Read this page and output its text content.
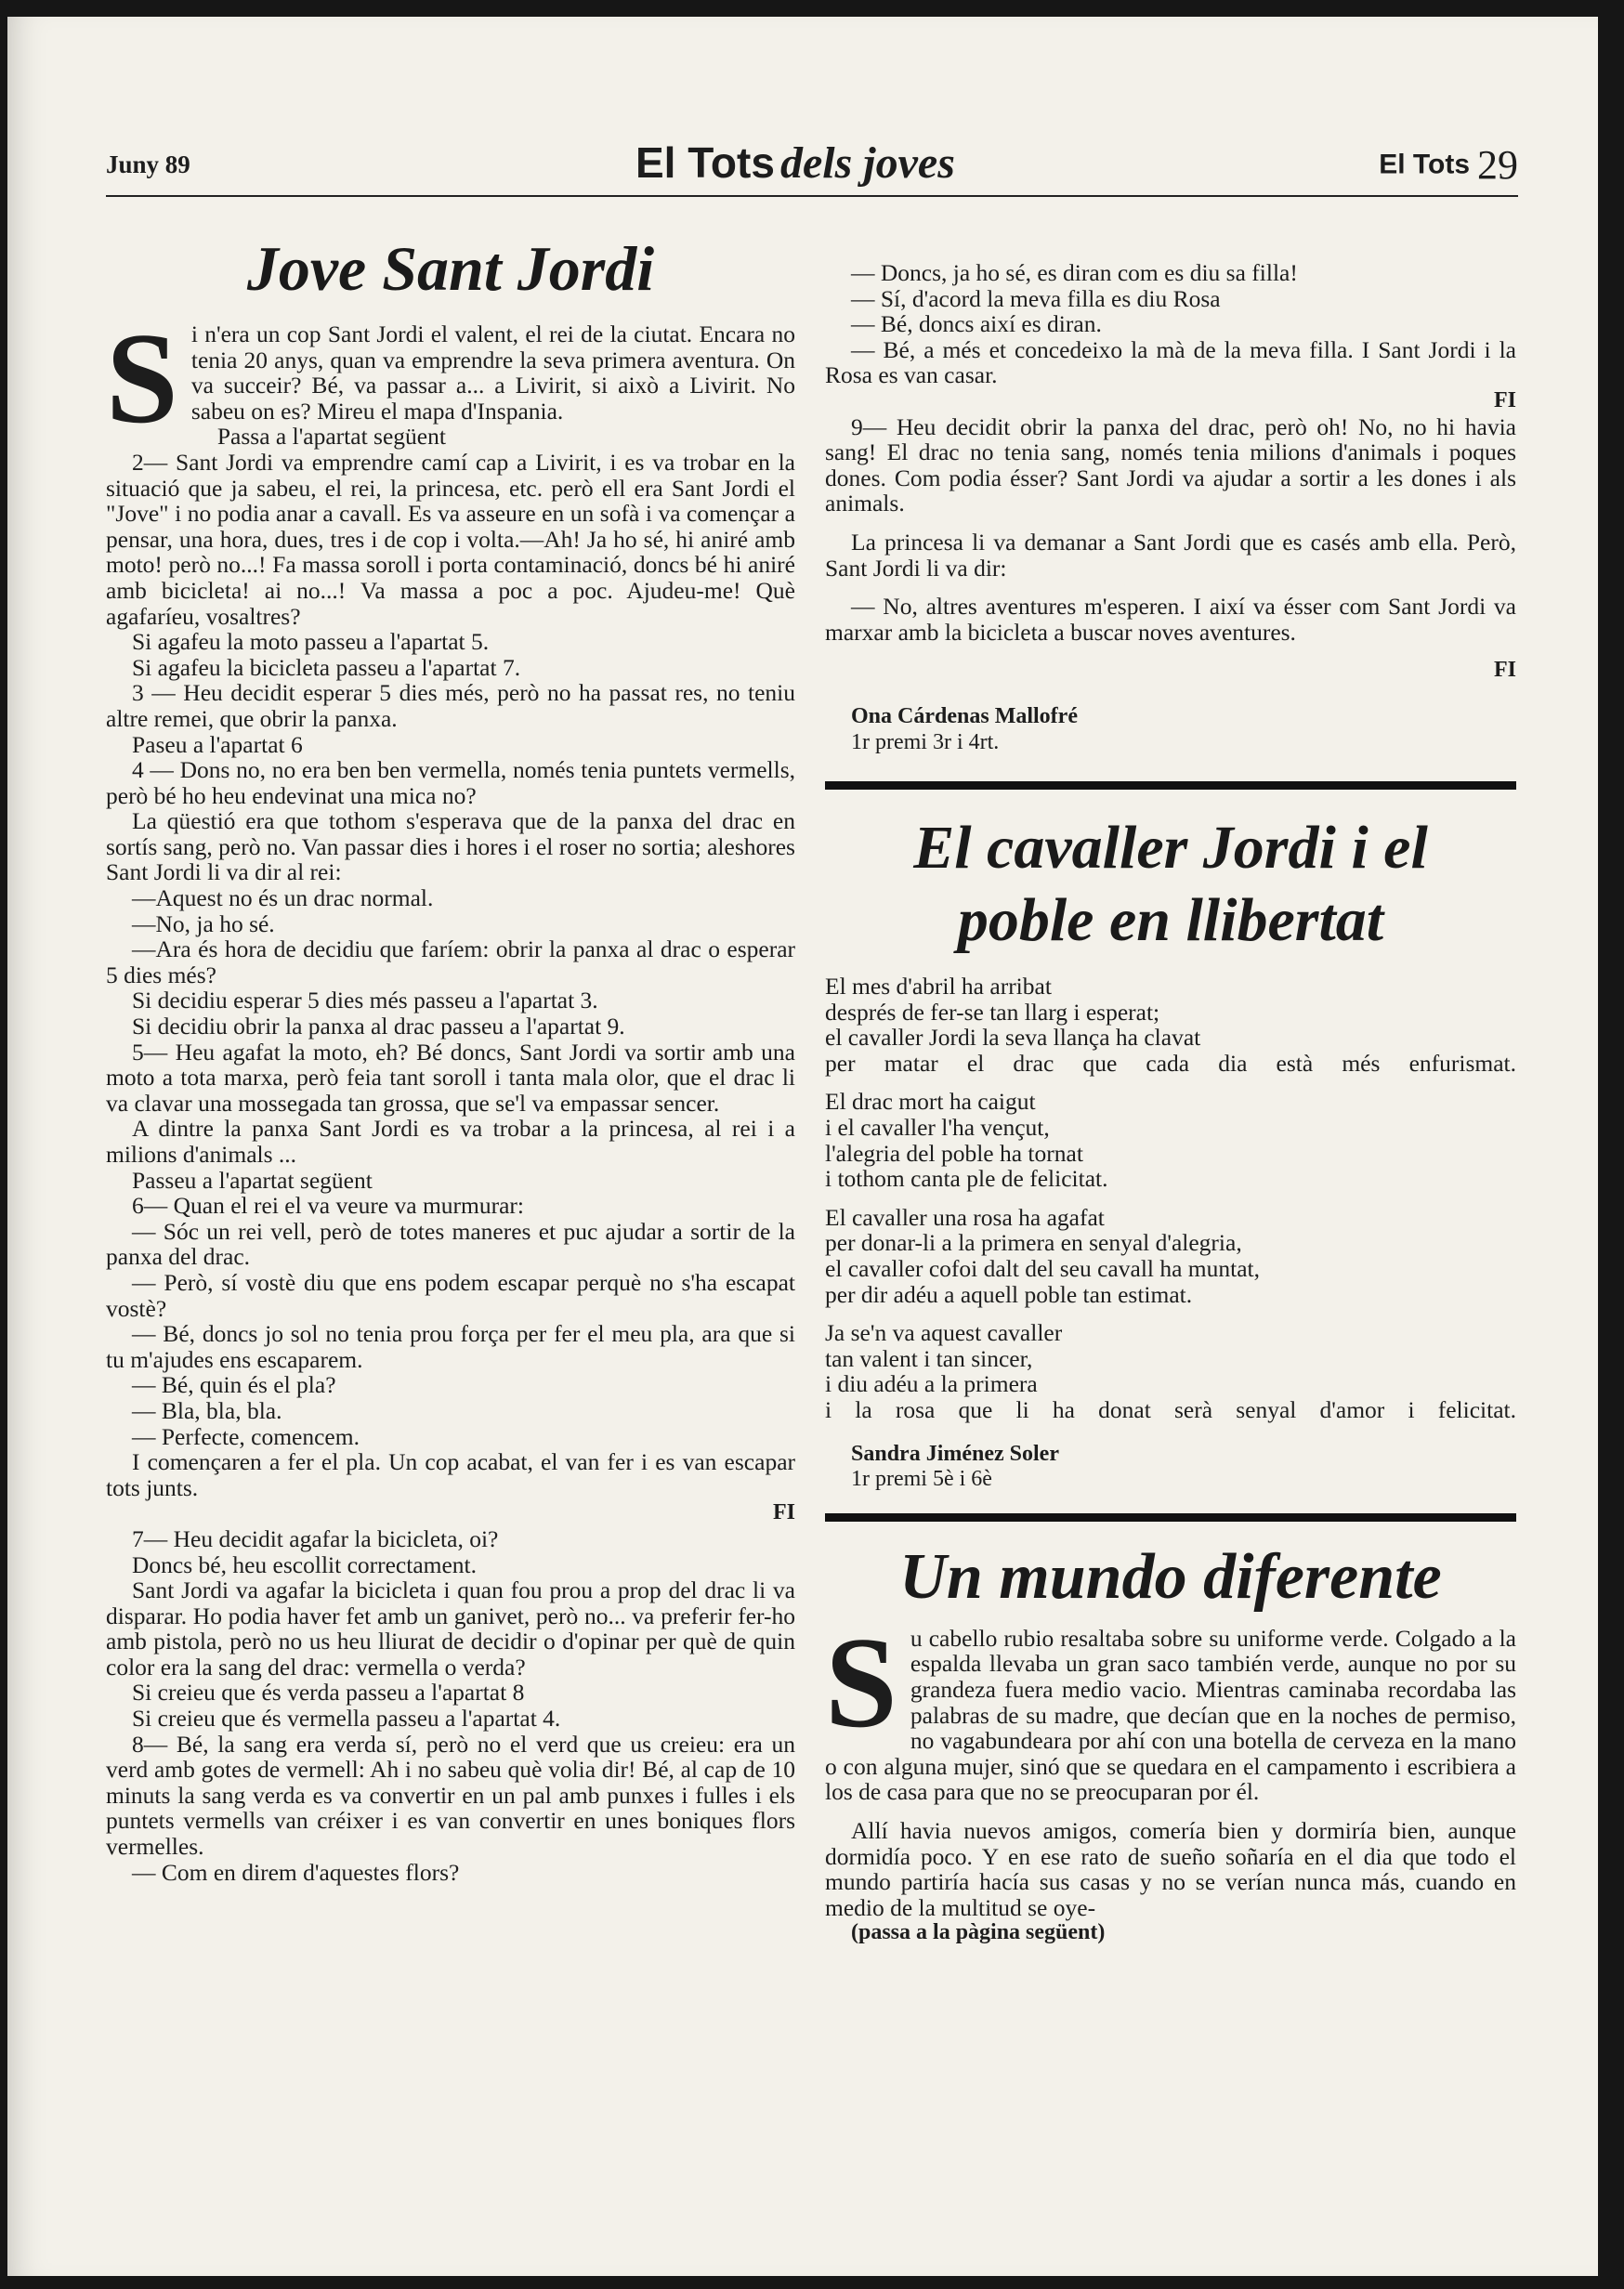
Juny 89	El Tots dels joves	El Tots 29
Jove Sant Jordi

Si n'era un cop Sant Jordi el valent, el rei de la ciutat. Encara no tenia 20 anys, quan va emprendre la seva primera aventura. On va succeir? Bé, va passar a... a Livirit, si això a Livirit. No sabeu on es? Mireu el mapa d'Inspania.

Passa a l'apartat següent

2— Sant Jordi va emprendre camí cap a Livirit, i es va trobar en la situació que ja sabeu, el rei, la princesa, etc. però ell era Sant Jordi el "Jove" i no podia anar a cavall. Es va asseure en un sofà i va començar a pensar, una hora, dues, tres i de cop i volta.—Ah! Ja ho sé, hi aniré amb moto! però no...! Fa massa soroll i porta contaminació, doncs bé hi aniré amb bicicleta! ai no...! Va massa a poc a poc. Ajudeu-me! Què agafaríeu, vosaltres?

Si agafeu la moto passeu a l'apartat 5.

Si agafeu la bicicleta passeu a l'apartat 7.

3 — Heu decidit esperar 5 dies més, però no ha passat res, no teniu altre remei, que obrir la panxa.

Paseu a l'apartat 6

4 — Dons no, no era ben ben vermella, només tenia puntets vermells, però bé ho heu endevinat una mica no?

La qüestió era que tothom s'esperava que de la panxa del drac en sortís sang, però no. Van passar dies i hores i el roser no sortia; aleshores Sant Jordi li va dir al rei:

—Aquest no és un drac normal.

—No, ja ho sé.

—Ara és hora de decidiu que faríem: obrir la panxa al drac o esperar 5 dies més?

Si decidiu esperar 5 dies més passeu a l'apartat 3.

Si decidiu obrir la panxa al drac passeu a l'apartat 9.

5— Heu agafat la moto, eh? Bé doncs, Sant Jordi va sortir amb una moto a tota marxa, però feia tant soroll i tanta mala olor, que el drac li va clavar una mossegada tan grossa, que se'l va empassar sencer.

A dintre la panxa Sant Jordi es va trobar a la princesa, al rei i a milions d'animals ...

Passeu a l'apartat següent

6— Quan el rei el va veure va murmurar:

— Sóc un rei vell, però de totes maneres et puc ajudar a sortir de la panxa del drac.

— Però, sí vostè diu que ens podem escapar perquè no s'ha escapat vostè?

— Bé, doncs jo sol no tenia prou força per fer el meu pla, ara que si tu m'ajudes ens escaparem.

— Bé, quin és el pla?

— Bla, bla, bla.

— Perfecte, comencem.

I començaren a fer el pla. Un cop acabat, el van fer i es van escapar tots junts.

FI

7— Heu decidit agafar la bicicleta, oi?

Doncs bé, heu escollit correctament.

Sant Jordi va agafar la bicicleta i quan fou prou a prop del drac li va disparar. Ho podia haver fet amb un ganivet, però no... va preferir fer-ho amb pistola, però no us heu lliurat de decidir o d'opinar per què de quin color era la sang del drac: vermella o verda?

Si creieu que és verda passeu a l'apartat 8

Si creieu que és vermella passeu a l'apartat 4.

8— Bé, la sang era verda sí, però no el verd que us creieu: era un verd amb gotes de vermell: Ah i no sabeu què volia dir! Bé, al cap de 10 minuts la sang verda es va convertir en un pal amb punxes i fulles i els puntets vermells van créixer i es van convertir en unes boniques flors vermelles.

— Com en direm d'aquestes flors?

— Doncs, ja ho sé, es diran com es diu sa filla!

— Sí, d'acord la meva filla es diu Rosa

— Bé, doncs així es diran.

— Bé, a més et concedeixo la mà de la meva filla. I Sant Jordi i la Rosa es van casar.

FI

9— Heu decidit obrir la panxa del drac, però oh! No, no hi havia sang! El drac no tenia sang, només tenia milions d'animals i poques dones. Com podia ésser? Sant Jordi va ajudar a sortir a les dones i als animals.

La princesa li va demanar a Sant Jordi que es casés amb ella. Però, Sant Jordi li va dir:

— No, altres aventures m'esperen. I així va ésser com Sant Jordi va marxar amb la bicicleta a buscar noves aventures.

FI

Ona Cárdenas Mallofré

1r premi 3r i 4rt.

El cavaller Jordi i el
poble en llibertat
El mes d'abril ha arribat
després de fer-se tan llarg i esperat;
el cavaller Jordi la seva llança ha clavat
per matar el drac que cada dia està més enfurismat.
El drac mort ha caigut
i el cavaller l'ha vençut,
l'alegria del poble ha tornat
i tothom canta ple de felicitat.
El cavaller una rosa ha agafat
per donar-li a la primera en senyal d'alegria,
el cavaller cofoi dalt del seu cavall ha muntat,
per dir adéu a aquell poble tan estimat.
Ja se'n va aquest cavaller
tan valent i tan sincer,
i diu adéu a la primera
i la rosa que li ha donat serà senyal d'amor i felicitat.

Sandra Jiménez Soler

1r premi 5è i 6è

Un mundo diferente

Su cabello rubio resaltaba sobre su uniforme verde. Colgado a la espalda llevaba un gran saco también verde, aunque no por su grandeza fuera medio vacio. Mientras caminaba recordaba las palabras de su madre, que decían que en la noches de permiso, no vagabundeara por ahí con una botella de cerveza en la mano o con alguna mujer, sinó que se quedara en el campamento i escribiera a los de casa para que no se preocuparan por él.

Allí havia nuevos amigos, comería bien y dormiría bien, aunque dormidía poco. Y en ese rato de sueño soñaría en el dia que todo el mundo partiría hacía sus casas y no se verían nunca más, cuando en medio de la multitud se oye-

(passa a la pàgina següent)
